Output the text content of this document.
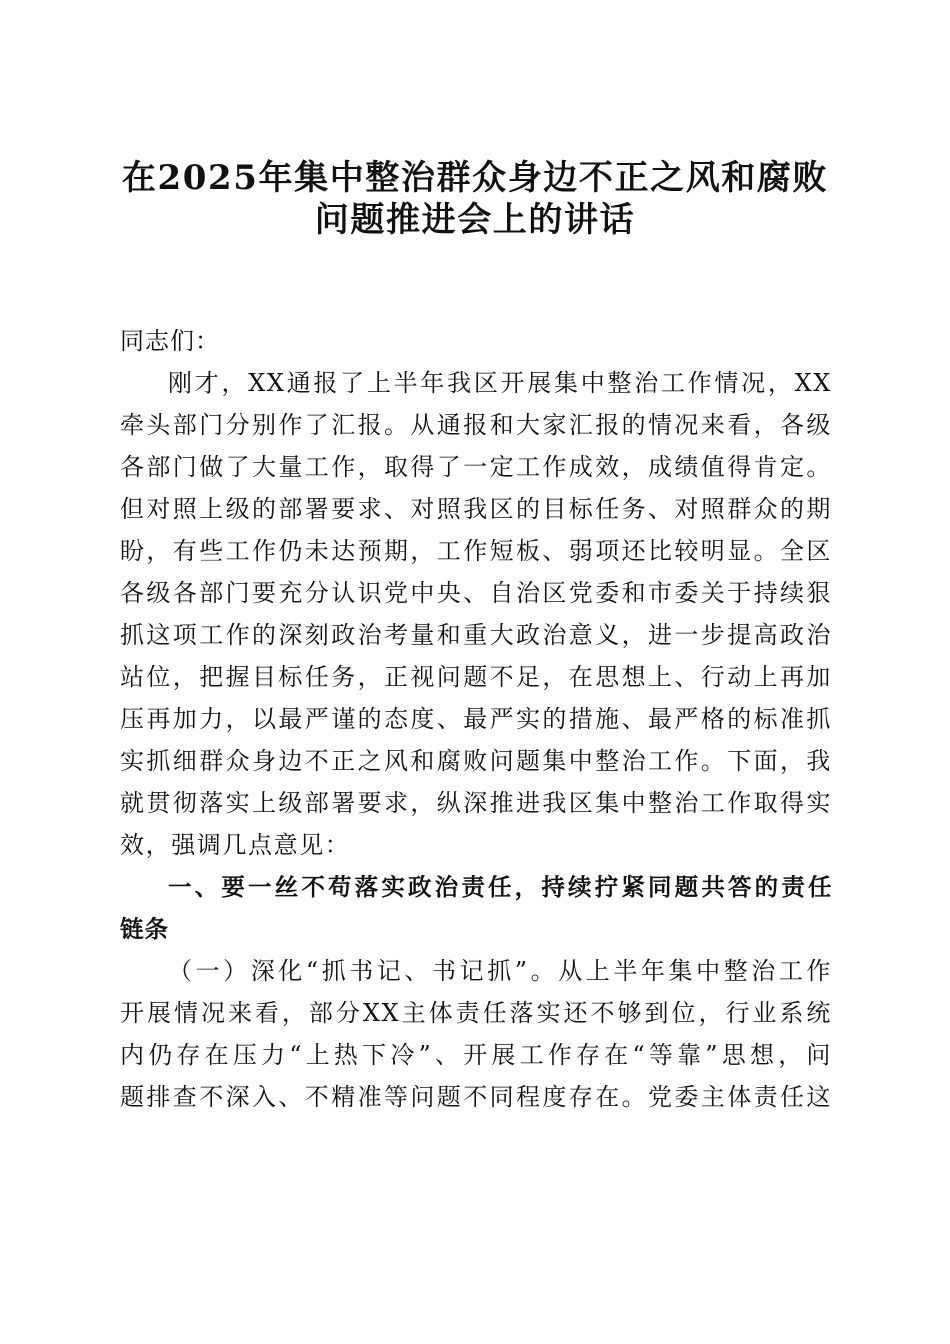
在2025年集中整治群众身边不正之风和腐败
问题推进会上的讲话
同志们：
刚才，XX通报了上半年我区开展集中整治工作情况，XX
牵头部门分别作了汇报。从通报和大家汇报的情况来看，各级
各部门做了大量工作，取得了一定工作成效，成绩值得肯定。
但对照上级的部署要求、对照我区的目标任务、对照群众的期
盼，有些工作仍未达预期，工作短板、弱项还比较明显。全区
各级各部门要充分认识党中央、自治区党委和市委关于持续狠
抓这项工作的深刻政治考量和重大政治意义，进一步提高政治
站位，把握目标任务，正视问题不足，在思想上、行动上再加
压再加力，以最严谨的态度、最严实的措施、最严格的标准抓
实抓细群众身边不正之风和腐败问题集中整治工作。下面，我
就贯彻落实上级部署要求，纵深推进我区集中整治工作取得实
效，强调几点意见：
一、要一丝不苟落实政治责任，持续拧紧同题共答的责任
链条
（一）深化“抓书记、书记抓”。从上半年集中整治工作
开展情况来看，部分XX主体责任落实还不够到位，行业系统
内仍存在压力“上热下冷”、开展工作存在“等靠”思想，问
题排查不深入、不精准等问题不同程度存在。党委主体责任这
